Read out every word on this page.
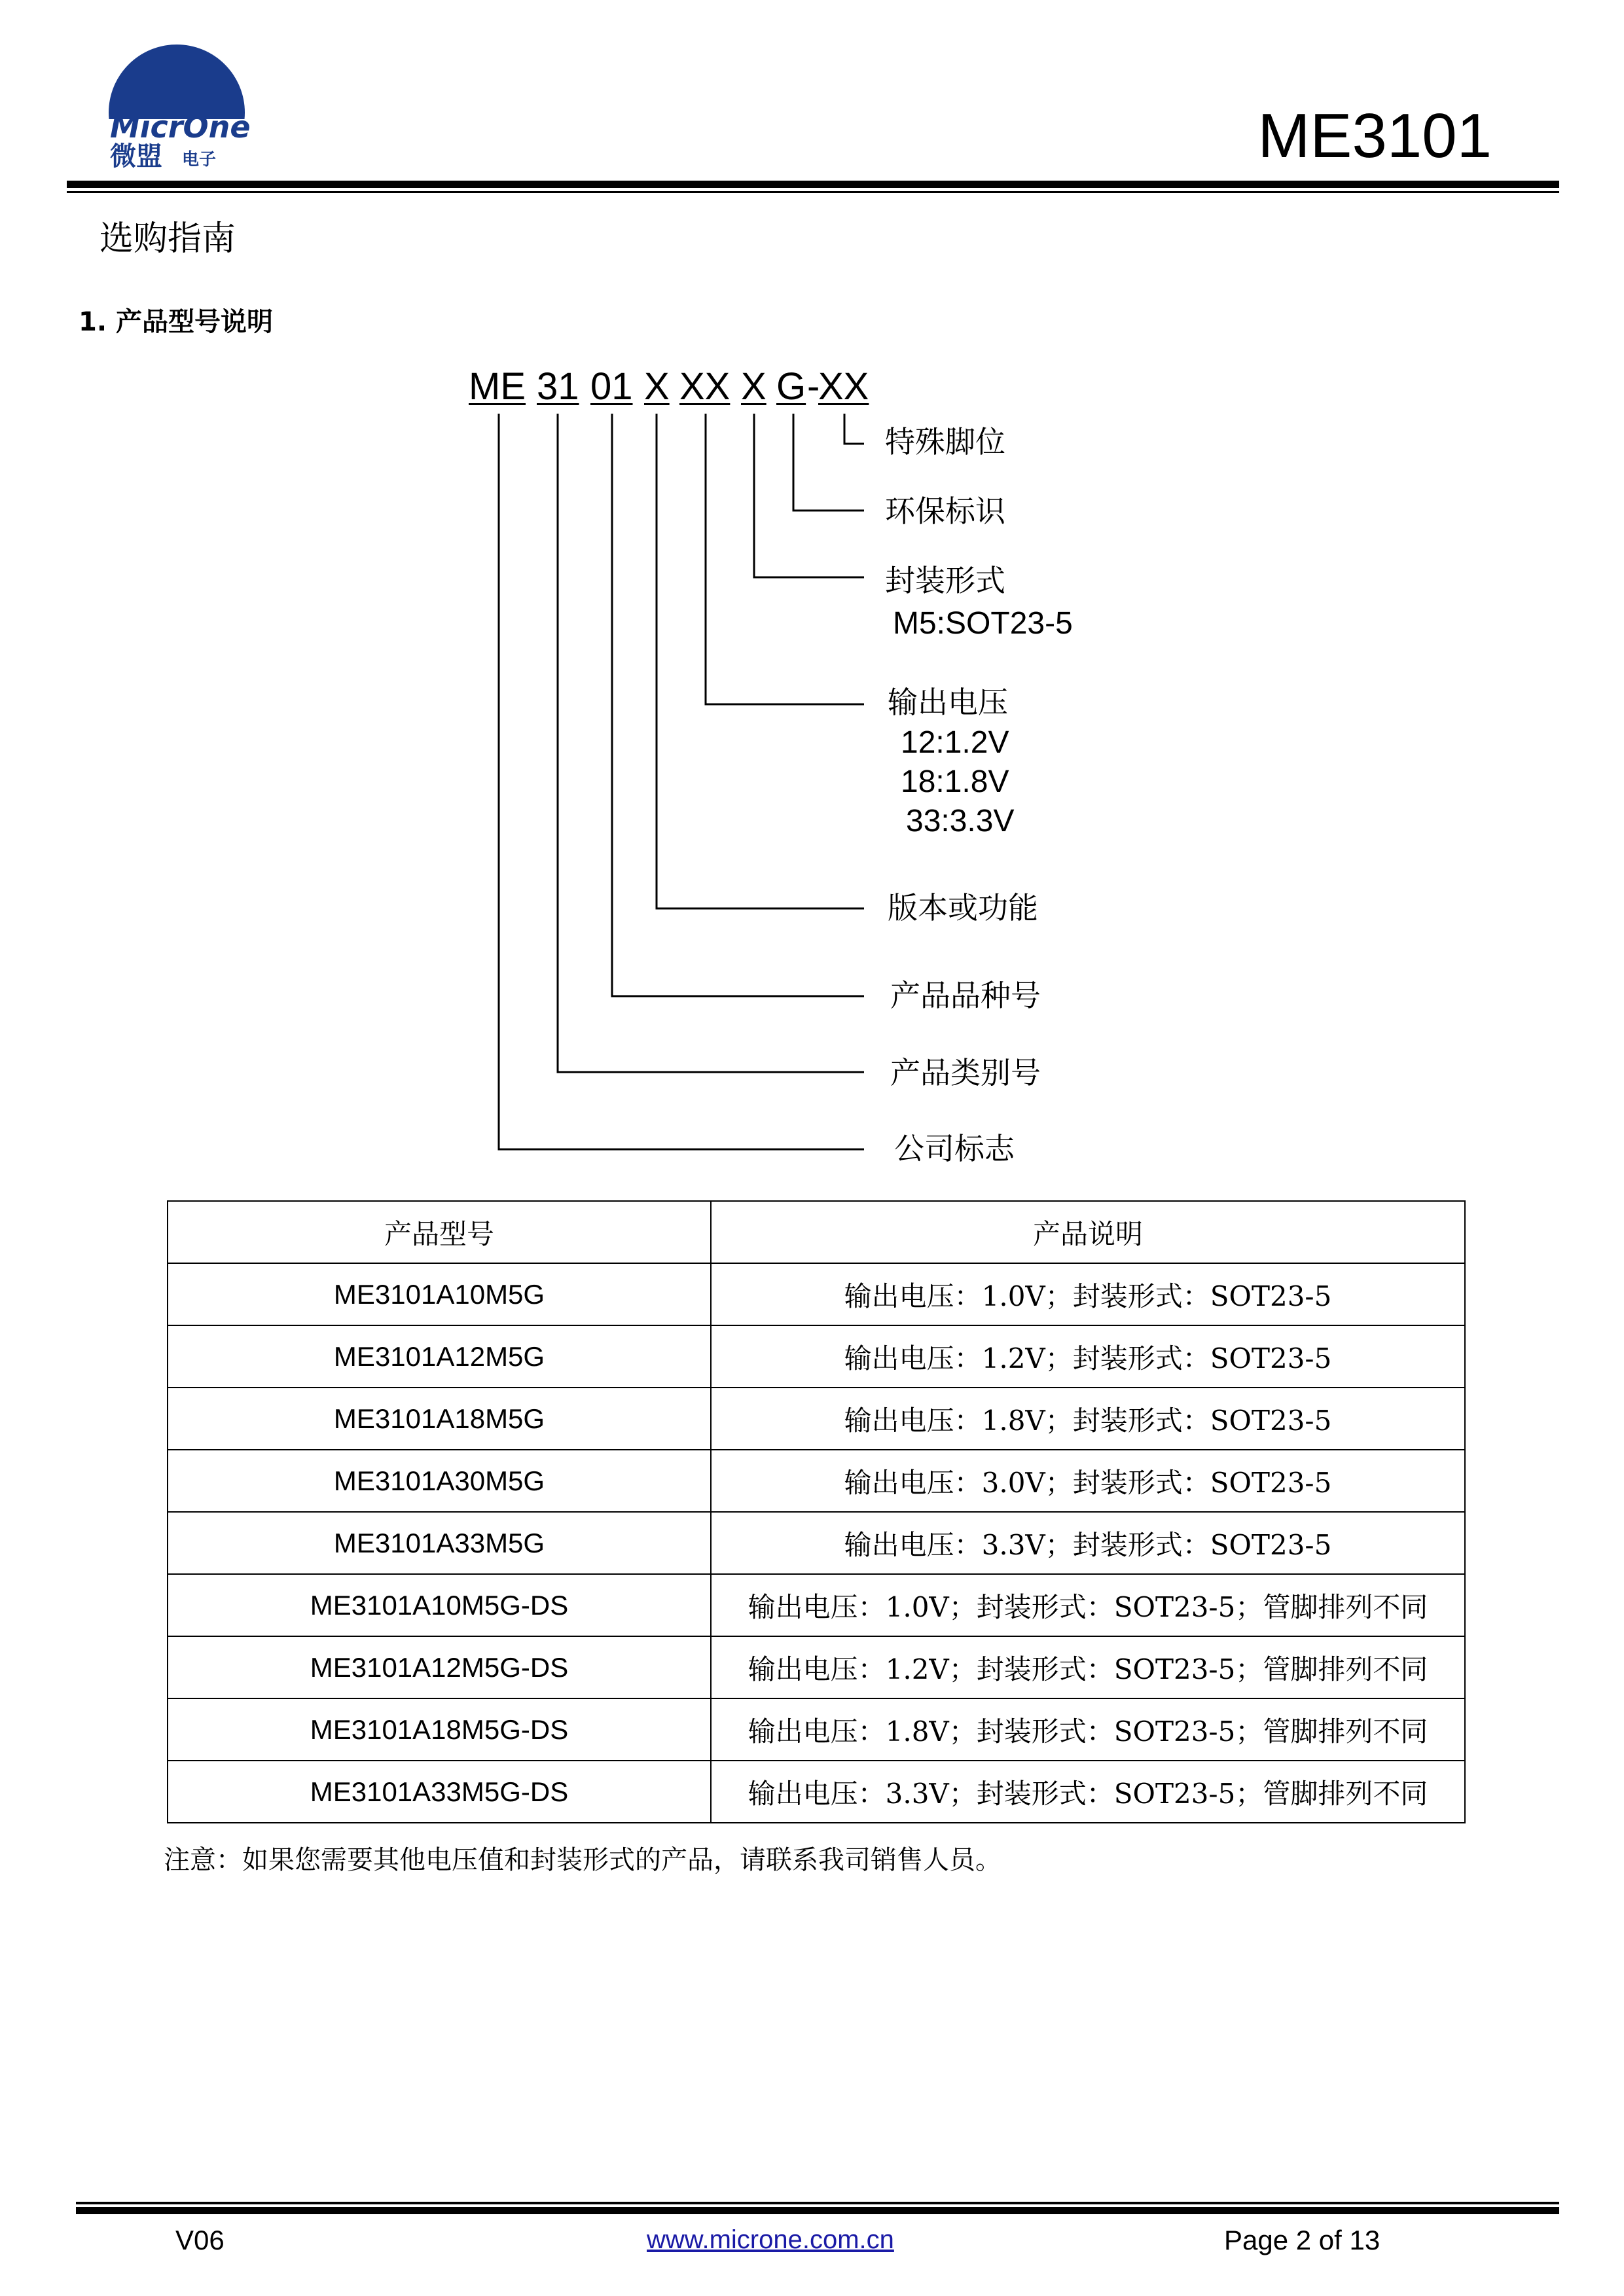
MicrOne
微盟 电子	ME3101
选购指南
1. 产品型号说明
ME 31 01 X XX X G -
XX
特殊脚位
环保标识
封装形式
M5:SOT23-5
输出电压
12:1.2V
18:1.8V
33:3.3V
版本或功能
产品品种号
产品类别号
公司标志
产品型号	产品说明
ME3101A10M5G	输出电压：1.0V；封装形式：SOT23-5
ME3101A12M5G	输出电压：1.2V；封装形式：SOT23-5
ME3101A18M5G	输出电压：1.8V；封装形式：SOT23-5
ME3101A30M5G	输出电压：3.0V；封装形式：SOT23-5
ME3101A33M5G	输出电压：3.3V；封装形式：SOT23-5
ME3101A10M5G-DS	输出电压：1.0V；封装形式：SOT23-5；管脚排列不同
ME3101A12M5G-DS	输出电压：1.2V；封装形式：SOT23-5；管脚排列不同
ME3101A18M5G-DS	输出电压：1.8V；封装形式：SOT23-5；管脚排列不同
ME3101A33M5G-DS	输出电压：3.3V；封装形式：SOT23-5；管脚排列不同
注意：如果您需要其他电压值和封装形式的产品，请联系我司销售人员。
V06	www.microne.com.cn	Page 2 of 13
